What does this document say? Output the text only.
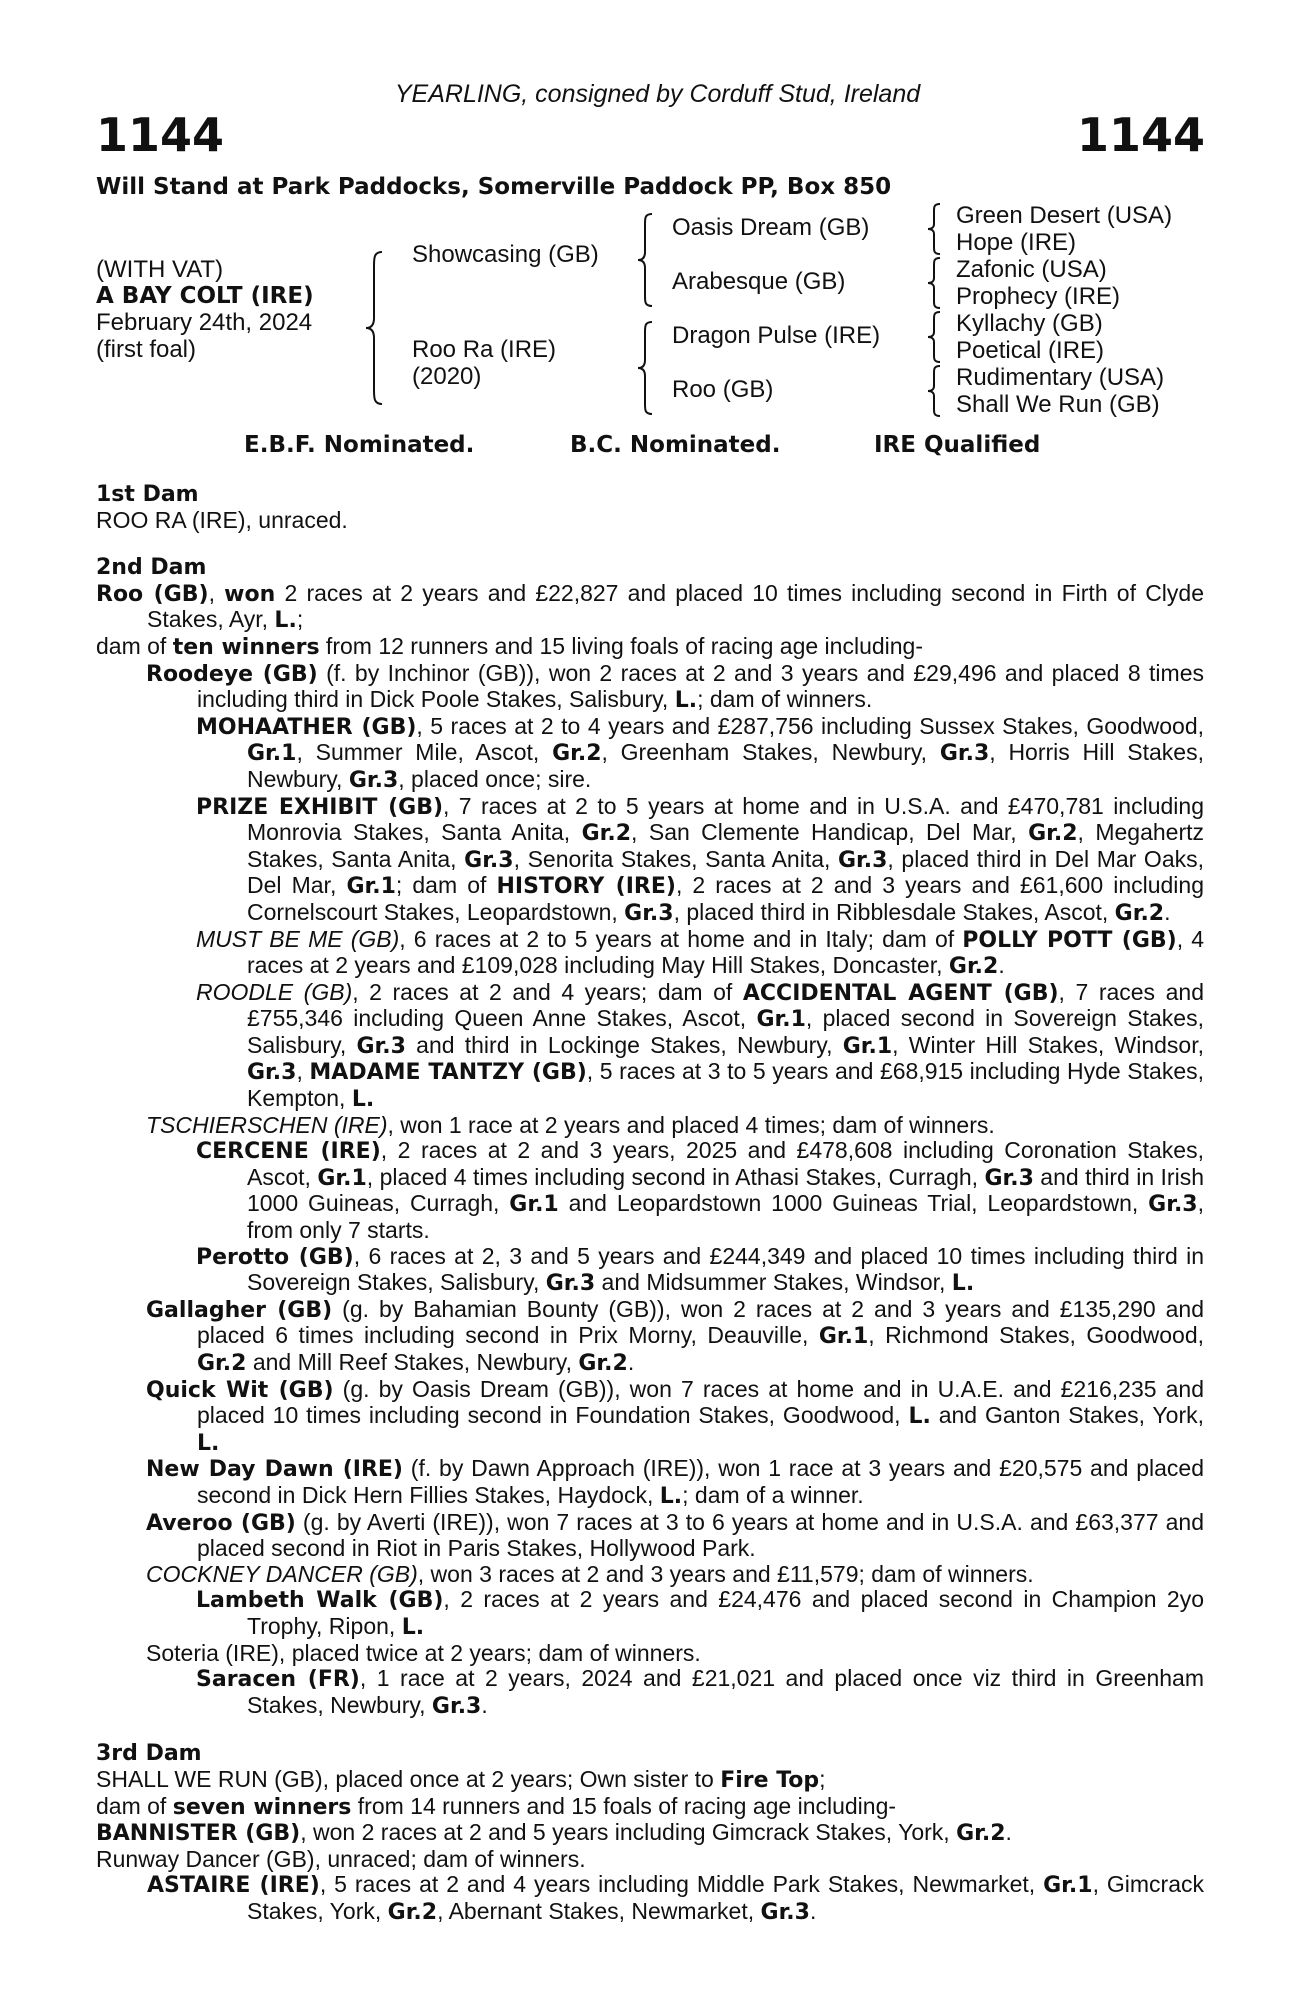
YEARLING, consigned by Corduff Stud, Ireland
1144	1144
Will Stand at Park Paddocks, Somerville Paddock PP, Box 850
(WITH VAT)
A BAY COLT (IRE)
February 24th, 2024
(first foal)
Showcasing (GB)
Roo Ra (IRE)
(2020)
Oasis Dream (GB)
Arabesque (GB)
Dragon Pulse (IRE)
Roo (GB)
Green Desert (USA)
Hope (IRE)
Zafonic (USA)
Prophecy (IRE)
Kyllachy (GB)
Poetical (IRE)
Rudimentary (USA)
Shall We Run (GB)
E.B.F. Nominated.	B.C. Nominated.	IRE Qualified
1st Dam
ROO RA (IRE), unraced.
2nd Dam
Roo (GB), won 2 races at 2 years and £22,827 and placed 10 times including second in Firth of Clyde Stakes, Ayr, L.;
dam of ten winners from 12 runners and 15 living foals of racing age including-
Roodeye (GB) (f. by Inchinor (GB)), won 2 races at 2 and 3 years and £29,496 and placed 8 times including third in Dick Poole Stakes, Salisbury, L.; dam of winners.
MOHAATHER (GB), 5 races at 2 to 4 years and £287,756 including Sussex Stakes, Goodwood, Gr.1, Summer Mile, Ascot, Gr.2, Greenham Stakes, Newbury, Gr.3, Horris Hill Stakes, Newbury, Gr.3, placed once; sire.
PRIZE EXHIBIT (GB), 7 races at 2 to 5 years at home and in U.S.A. and £470,781 including Monrovia Stakes, Santa Anita, Gr.2, San Clemente Handicap, Del Mar, Gr.2, Megahertz Stakes, Santa Anita, Gr.3, Senorita Stakes, Santa Anita, Gr.3, placed third in Del Mar Oaks, Del Mar, Gr.1; dam of HISTORY (IRE), 2 races at 2 and 3 years and £61,600 including Cornelscourt Stakes, Leopardstown, Gr.3, placed third in Ribblesdale Stakes, Ascot, Gr.2.
MUST BE ME (GB), 6 races at 2 to 5 years at home and in Italy; dam of POLLY POTT (GB), 4 races at 2 years and £109,028 including May Hill Stakes, Doncaster, Gr.2.
ROODLE (GB), 2 races at 2 and 4 years; dam of ACCIDENTAL AGENT (GB), 7 races and £755,346 including Queen Anne Stakes, Ascot, Gr.1, placed second in Sovereign Stakes, Salisbury, Gr.3 and third in Lockinge Stakes, Newbury, Gr.1, Winter Hill Stakes, Windsor, Gr.3, MADAME TANTZY (GB), 5 races at 3 to 5 years and £68,915 including Hyde Stakes, Kempton, L.
TSCHIERSCHEN (IRE), won 1 race at 2 years and placed 4 times; dam of winners.
CERCENE (IRE), 2 races at 2 and 3 years, 2025 and £478,608 including Coronation Stakes, Ascot, Gr.1, placed 4 times including second in Athasi Stakes, Curragh, Gr.3 and third in Irish 1000 Guineas, Curragh, Gr.1 and Leopardstown 1000 Guineas Trial, Leopardstown, Gr.3, from only 7 starts.
Perotto (GB), 6 races at 2, 3 and 5 years and £244,349 and placed 10 times including third in Sovereign Stakes, Salisbury, Gr.3 and Midsummer Stakes, Windsor, L.
Gallagher (GB) (g. by Bahamian Bounty (GB)), won 2 races at 2 and 3 years and £135,290 and placed 6 times including second in Prix Morny, Deauville, Gr.1, Richmond Stakes, Goodwood, Gr.2 and Mill Reef Stakes, Newbury, Gr.2.
Quick Wit (GB) (g. by Oasis Dream (GB)), won 7 races at home and in U.A.E. and £216,235 and placed 10 times including second in Foundation Stakes, Goodwood, L. and Ganton Stakes, York, L.
New Day Dawn (IRE) (f. by Dawn Approach (IRE)), won 1 race at 3 years and £20,575 and placed second in Dick Hern Fillies Stakes, Haydock, L.; dam of a winner.
Averoo (GB) (g. by Averti (IRE)), won 7 races at 3 to 6 years at home and in U.S.A. and £63,377 and placed second in Riot in Paris Stakes, Hollywood Park.
COCKNEY DANCER (GB), won 3 races at 2 and 3 years and £11,579; dam of winners.
Lambeth Walk (GB), 2 races at 2 years and £24,476 and placed second in Champion 2yo Trophy, Ripon, L.
Soteria (IRE), placed twice at 2 years; dam of winners.
Saracen (FR), 1 race at 2 years, 2024 and £21,021 and placed once viz third in Greenham Stakes, Newbury, Gr.3.
3rd Dam
SHALL WE RUN (GB), placed once at 2 years; Own sister to Fire Top;
dam of seven winners from 14 runners and 15 foals of racing age including-
BANNISTER (GB), won 2 races at 2 and 5 years including Gimcrack Stakes, York, Gr.2.
Runway Dancer (GB), unraced; dam of winners.
ASTAIRE (IRE), 5 races at 2 and 4 years including Middle Park Stakes, Newmarket, Gr.1, Gimcrack Stakes, York, Gr.2, Abernant Stakes, Newmarket, Gr.3.
